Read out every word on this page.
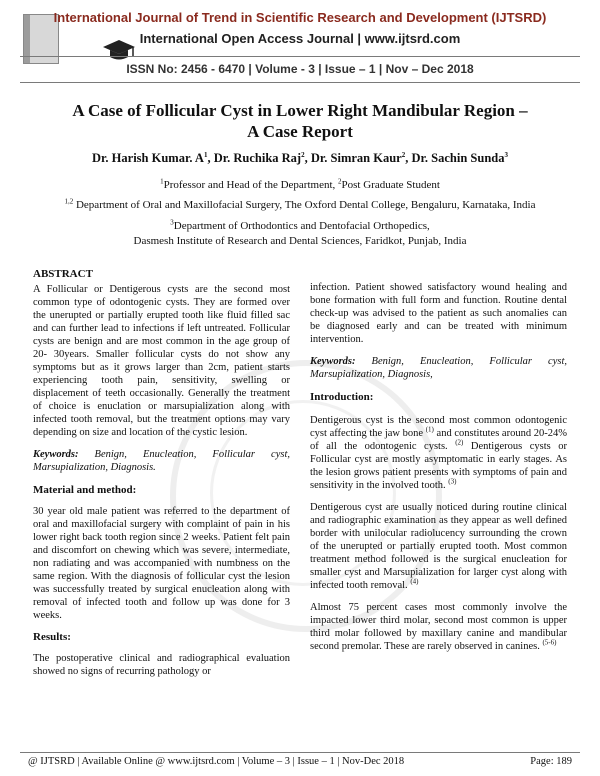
International Journal of Trend in Scientific Research and Development (IJTSRD)
International Open Access Journal | www.ijtsrd.com
ISSN No: 2456 - 6470 | Volume - 3 | Issue – 1 | Nov – Dec 2018
A Case of Follicular Cyst in Lower Right Mandibular Region –
A Case Report
Dr. Harish Kumar. $A^1$, Dr. Ruchika Raj$^2$, Dr. Simran Kaur$^2$, Dr. Sachin Sunda$^3$
$^1$Professor and Head of the Department, $^2$Post Graduate Student
$^{1,2}$ Department of Oral and Maxillofacial Surgery, The Oxford Dental College, Bengaluru, Karnataka, India
$^3$Department of Orthodontics and Dentofacial Orthopedics,
Dasmesh Institute of Research and Dental Sciences, Faridkot, Punjab, India
ABSTRACT
A Follicular or Dentigerous cysts are the second most common type of odontogenic cysts. They are formed over the unerupted or partially erupted tooth like fluid filled sac and can further lead to infections if left untreated. Follicular cysts are benign and are most common in the age group of 20- 30years. Smaller follicular cysts do not show any symptoms but as it grows larger than 2cm, patient starts experiencing tooth pain, sensitivity, swelling or displacement of teeth occasionally. Generally the treatment of choice is enuclation or marsupialization along with infected tooth removal, but the treatment options may vary depending on size and location of the cystic lesion.
Keywords: Benign, Enucleation, Follicular cyst, Marsupialization, Diagnosis.
Material and method:
30 year old male patient was referred to the department of oral and maxillofacial surgery with complaint of pain in his lower right back tooth region since 2 weeks. Patient felt pain and discomfort on chewing which was severe, intermediate, non radiating and was accompanied with numbness on the same region. With the diagnosis of follicular cyst the lesion was successfully treated by surgical enucleation along with removal of infected tooth and follow up was done for 3 weeks.
Results:
The postoperative clinical and radiographical evaluation showed no signs of recurring pathology or
infection. Patient showed satisfactory wound healing and bone formation with full form and function. Routine dental check-up was advised to the patient as such anomalies can be diagnosed early and can be treated with minimum intervention.
Keywords: Benign, Enucleation, Follicular cyst, Marsupialization, Diagnosis,
Introduction:
Dentigerous cyst is the second most common odontogenic cyst affecting the jaw bone $^{(1)}$ and constitutes around 20-24% of all the odontogenic cysts. $^{(2)}$ Dentigerous cysts or Follicular cyst are mostly asymptomatic in early stages. As the lesion grows patient presents with symptoms of pain and sensitivity in the involved tooth. $^{(3)}$
Dentigerous cyst are usually noticed during routine clinical and radiographic examination as they appear as well defined border with unilocular radiolucency surrounding the crown of the unerupted or partially erupted tooth. Most common treatment method followed is the surgical enucleation for smaller cyst and Marsupialization for larger cyst along with infected tooth removal. $^{(4)}$
Almost 75 percent cases most commonly involve the impacted lower third molar, second most common is upper third molar followed by maxillary canine and mandibular second premolar. These are rarely observed in canines. $^{(5-6)}$
@ IJTSRD | Available Online @ www.ijtsrd.com | Volume – 3 | Issue – 1 | Nov-Dec 2018	Page: 189
